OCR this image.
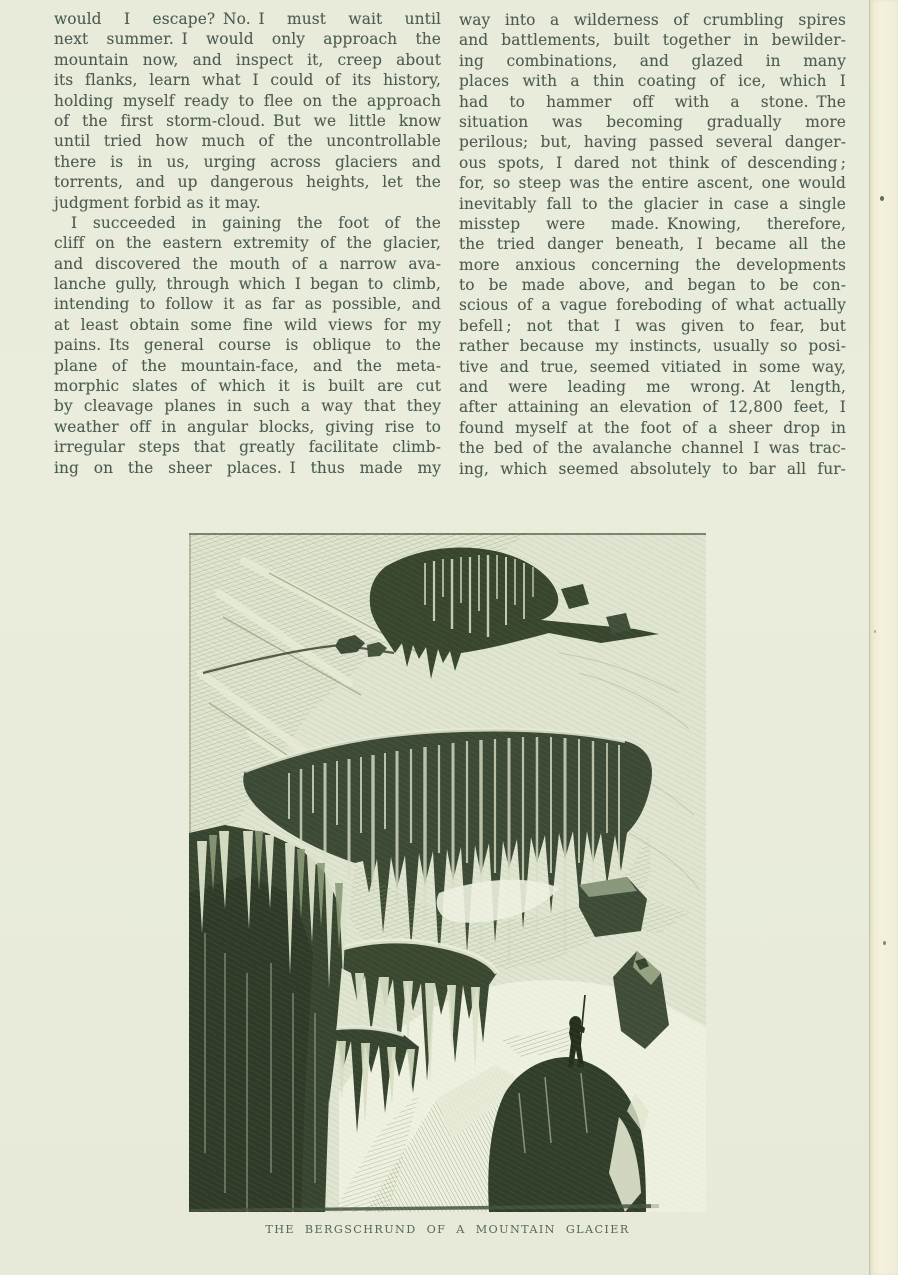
would I escape? No. I must wait until
next summer. I would only approach the
mountain now, and inspect it, creep about
its flanks, learn what I could of its history,
holding myself ready to flee on the approach
of the first storm-cloud. But we little know
until tried how much of the uncontrollable
there is in us, urging across glaciers and
torrents, and up dangerous heights, let the
judgment forbid as it may.

I succeeded in gaining the foot of the
cliff on the eastern extremity of the glacier,
and discovered the mouth of a narrow ava-
lanche gully, through which I began to climb,
intending to follow it as far as possible, and
at least obtain some fine wild views for my
pains. Its general course is oblique to the
plane of the mountain-face, and the meta-
morphic slates of which it is built are cut
by cleavage planes in such a way that they
weather off in angular blocks, giving rise to
irregular steps that greatly facilitate climb-
ing on the sheer places. I thus made my

way into a wilderness of crumbling spires
and battlements, built together in bewilder-
ing combinations, and glazed in many
places with a thin coating of ice, which I
had to hammer off with a stone. The
situation was becoming gradually more
perilous; but, having passed several danger-
ous spots, I dared not think of descending ;
for, so steep was the entire ascent, one would
inevitably fall to the glacier in case a single
misstep were made. Knowing, therefore,
the tried danger beneath, I became all the
more anxious concerning the developments
to be made above, and began to be con-
scious of a vague foreboding of what actually
befell ; not that I was given to fear, but
rather because my instincts, usually so posi-
tive and true, seemed vitiated in some way,
and were leading me wrong. At length,
after attaining an elevation of 12,800 feet, I
found myself at the foot of a sheer drop in
the bed of the avalanche channel I was trac-
ing, which seemed absolutely to bar all fur-

THE BERGSCHRUND OF A MOUNTAIN GLACIER
